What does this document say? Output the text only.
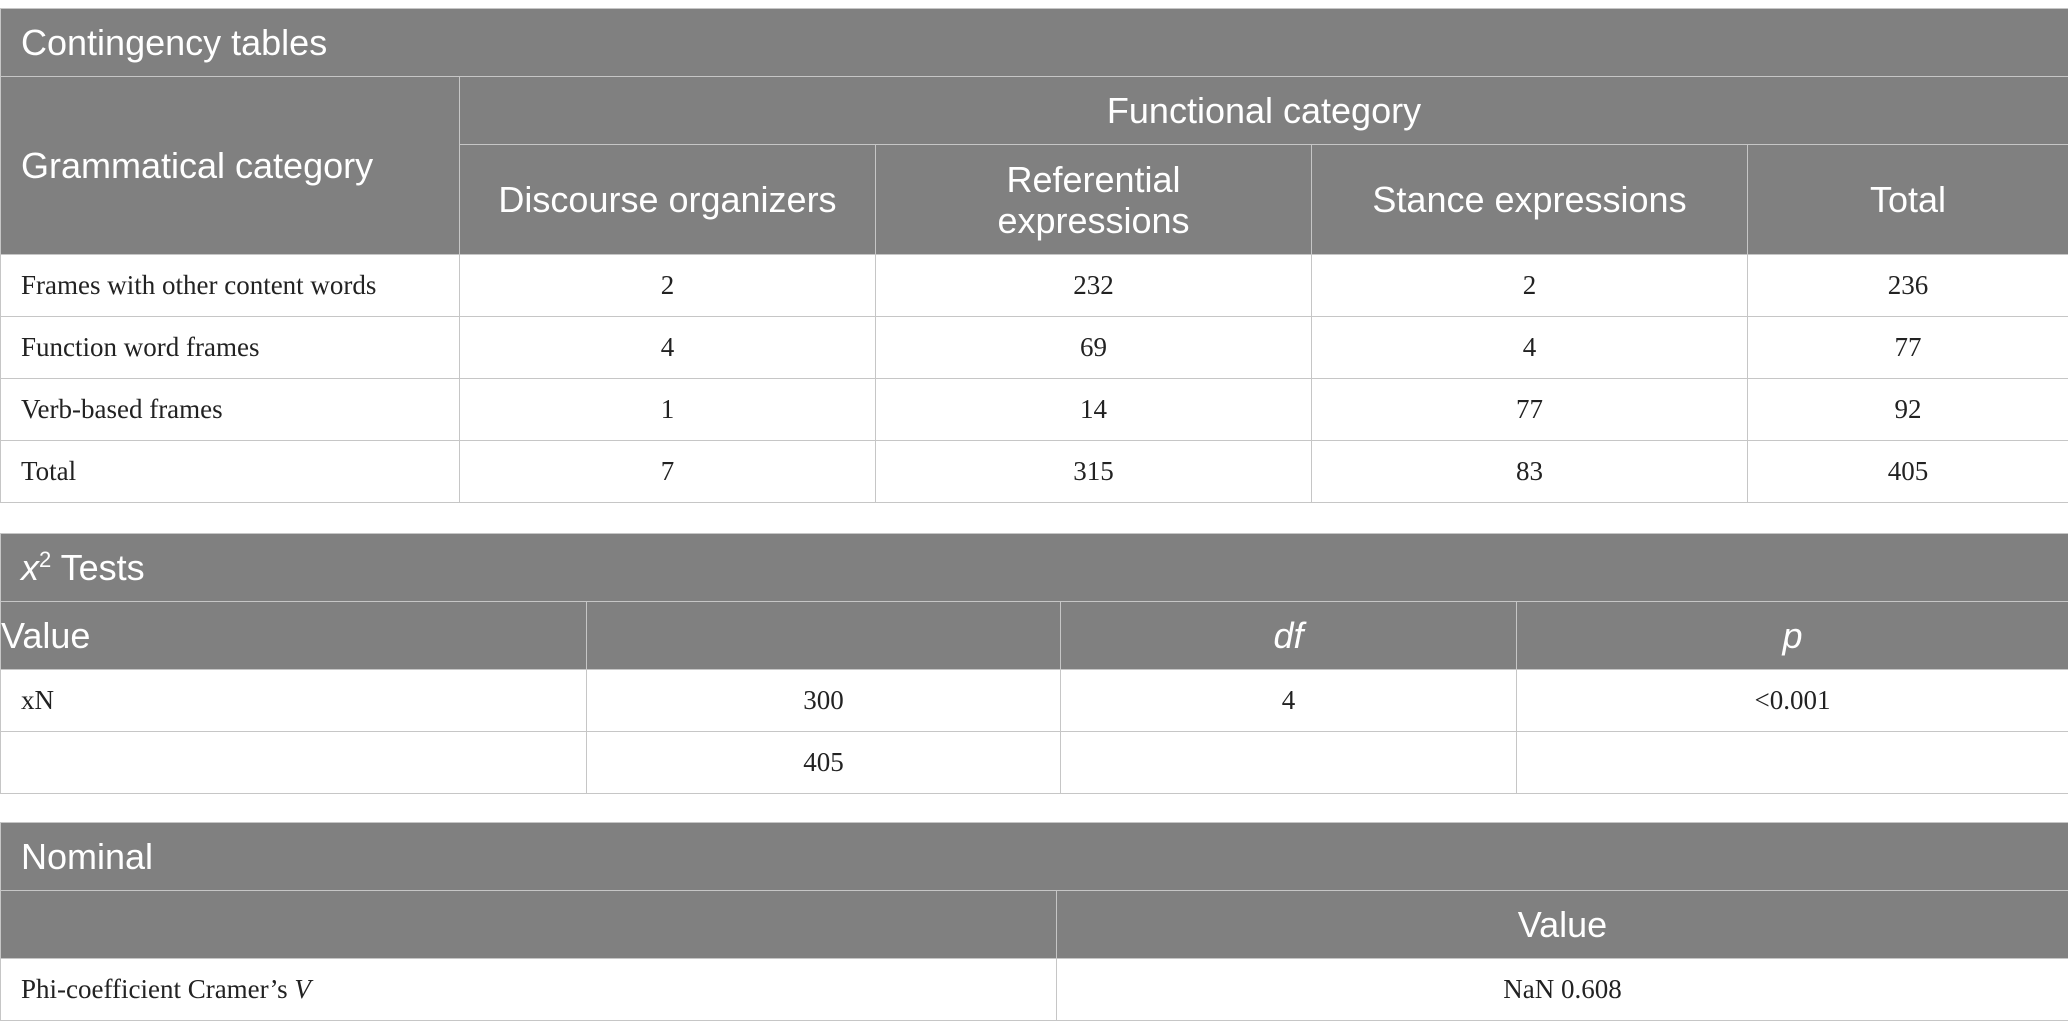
Contingency tables				
Grammatical category	Functional category			
	Discourse organizers	Referential expressions	Stance expressions	Total
Frames with other content words	2	232	2	236
Function word frames	4	69	4	77
Verb-based frames	1	14	77	92
Total	7	315	83	405
$x^2$ Tests			
Value		df	p
xN	300	4	<0.001
	405		
Nominal	
	Value
Phi-coefficient Cramer’s V	NaN 0.608
